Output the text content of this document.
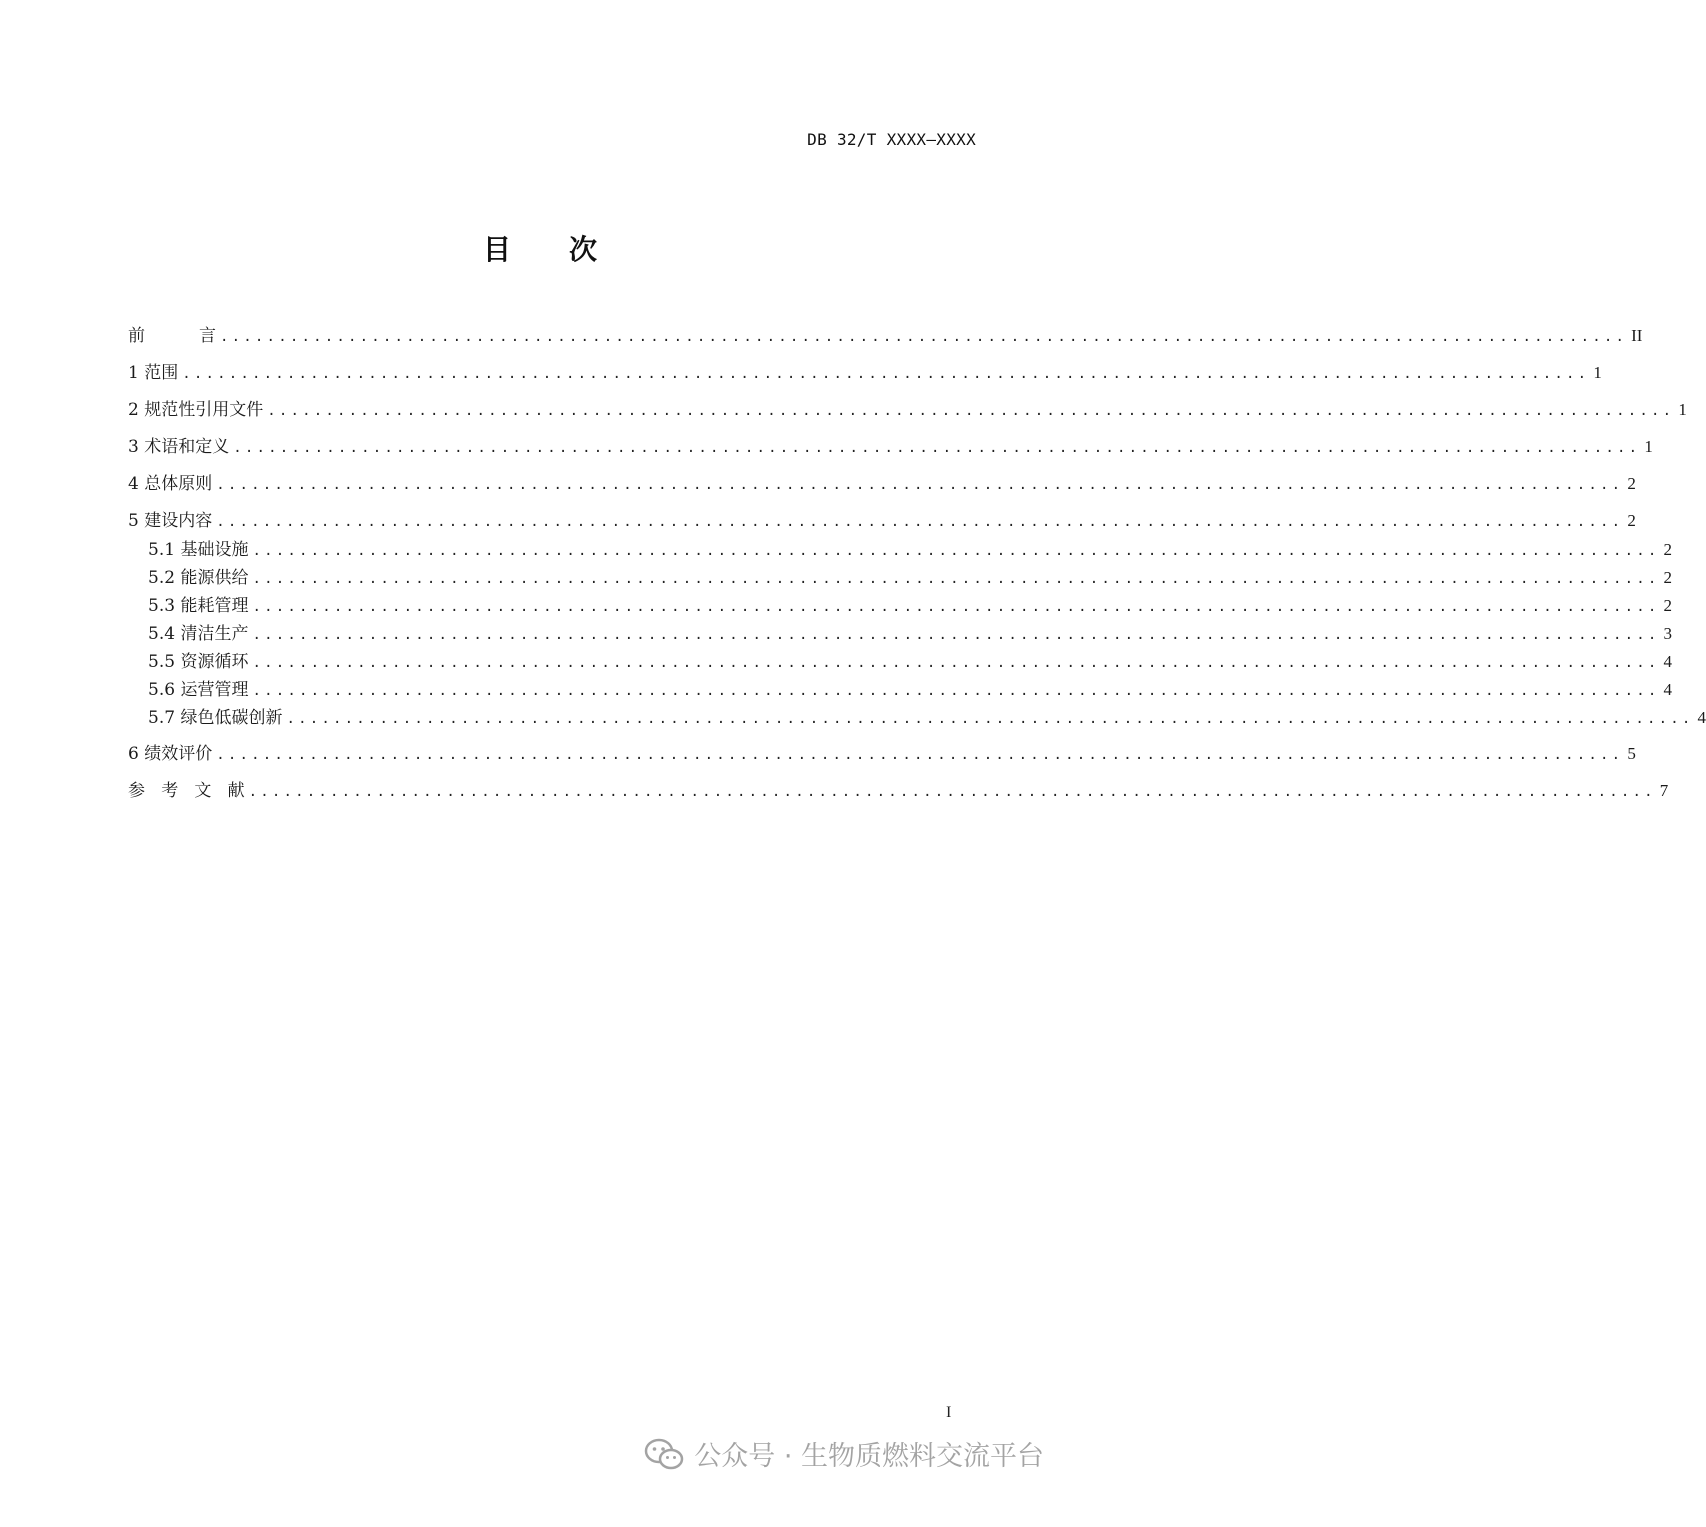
DB 32/T XXXX—XXXX
目 次
前          言 ......................................................................................................................... II
1 范围 ......................................................................................................................... 1
2 规范性引用文件 ......................................................................................................................... 1
3 术语和定义 ......................................................................................................................... 1
4 总体原则 ......................................................................................................................... 2
5 建设内容 ......................................................................................................................... 2
5.1 基础设施 ......................................................................................................................... 2
5.2 能源供给 ......................................................................................................................... 2
5.3 能耗管理 ......................................................................................................................... 2
5.4 清洁生产 ......................................................................................................................... 3
5.5 资源循环 ......................................................................................................................... 4
5.6 运营管理 ......................................................................................................................... 4
5.7 绿色低碳创新 ......................................................................................................................... 4
6 绩效评价 ......................................................................................................................... 5
参   考   文   献 ......................................................................................................................... 7
I
公众号 · 生物质燃料交流平台
